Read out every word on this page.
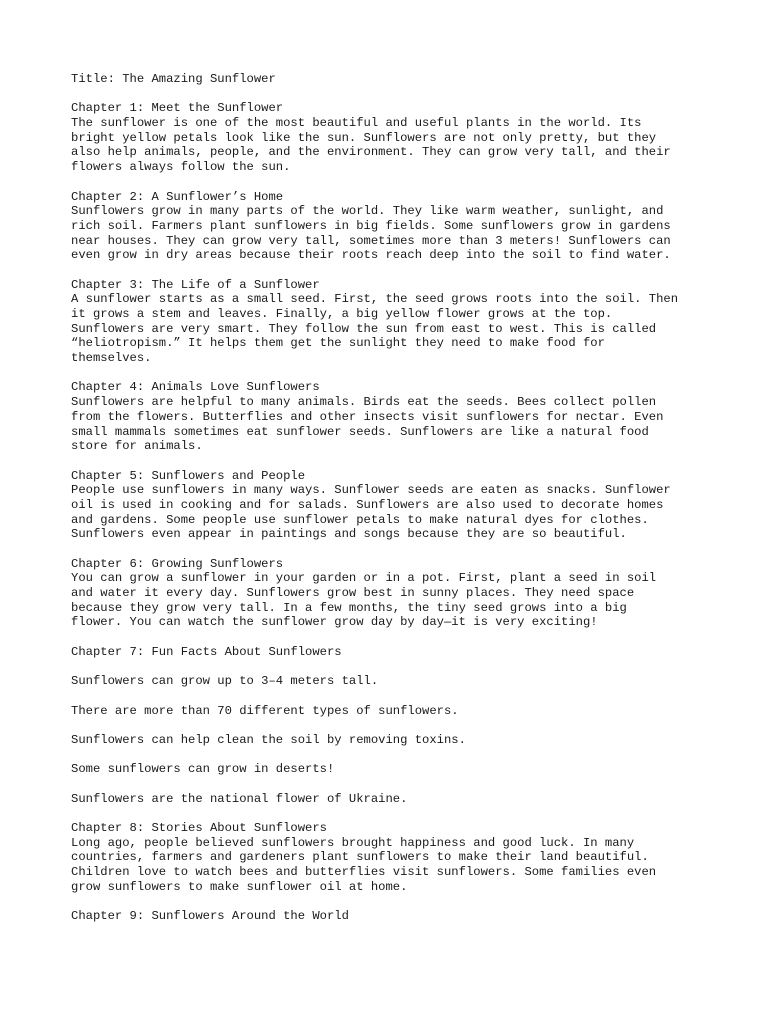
Title: The Amazing Sunflower
Chapter 1: Meet the Sunflower
The sunflower is one of the most beautiful and useful plants in the world. Its
bright yellow petals look like the sun. Sunflowers are not only pretty, but they
also help animals, people, and the environment. They can grow very tall, and their
flowers always follow the sun.
Chapter 2: A Sunflower’s Home
Sunflowers grow in many parts of the world. They like warm weather, sunlight, and
rich soil. Farmers plant sunflowers in big fields. Some sunflowers grow in gardens
near houses. They can grow very tall, sometimes more than 3 meters! Sunflowers can
even grow in dry areas because their roots reach deep into the soil to find water.
Chapter 3: The Life of a Sunflower
A sunflower starts as a small seed. First, the seed grows roots into the soil. Then
it grows a stem and leaves. Finally, a big yellow flower grows at the top.
Sunflowers are very smart. They follow the sun from east to west. This is called
“heliotropism.” It helps them get the sunlight they need to make food for
themselves.
Chapter 4: Animals Love Sunflowers
Sunflowers are helpful to many animals. Birds eat the seeds. Bees collect pollen
from the flowers. Butterflies and other insects visit sunflowers for nectar. Even
small mammals sometimes eat sunflower seeds. Sunflowers are like a natural food
store for animals.
Chapter 5: Sunflowers and People
People use sunflowers in many ways. Sunflower seeds are eaten as snacks. Sunflower
oil is used in cooking and for salads. Sunflowers are also used to decorate homes
and gardens. Some people use sunflower petals to make natural dyes for clothes.
Sunflowers even appear in paintings and songs because they are so beautiful.
Chapter 6: Growing Sunflowers
You can grow a sunflower in your garden or in a pot. First, plant a seed in soil
and water it every day. Sunflowers grow best in sunny places. They need space
because they grow very tall. In a few months, the tiny seed grows into a big
flower. You can watch the sunflower grow day by day—it is very exciting!
Chapter 7: Fun Facts About Sunflowers
Sunflowers can grow up to 3–4 meters tall.
There are more than 70 different types of sunflowers.
Sunflowers can help clean the soil by removing toxins.
Some sunflowers can grow in deserts!
Sunflowers are the national flower of Ukraine.
Chapter 8: Stories About Sunflowers
Long ago, people believed sunflowers brought happiness and good luck. In many
countries, farmers and gardeners plant sunflowers to make their land beautiful.
Children love to watch bees and butterflies visit sunflowers. Some families even
grow sunflowers to make sunflower oil at home.
Chapter 9: Sunflowers Around the World
